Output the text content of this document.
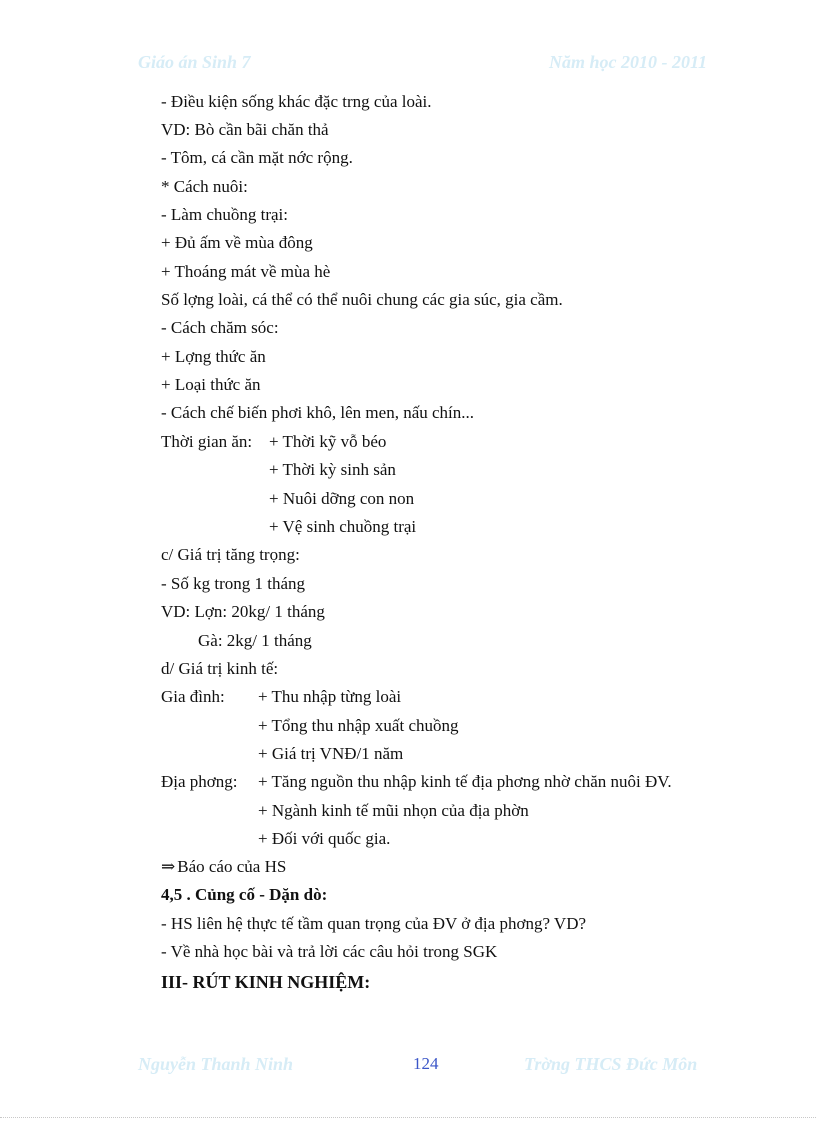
Giáo án Sinh 7	Năm học 2010 - 2011
- Điều kiện sống khác đặc trng của loài.
VD: Bò cần bãi chăn thả
- Tôm, cá cần mặt nớc rộng.
* Cách nuôi:
- Làm chuồng trại:
+ Đủ ấm về mùa đông
+ Thoáng mát về mùa hè
Số lợng loài, cá thể có thể nuôi chung các gia súc, gia cầm.
- Cách chăm sóc:
+ Lợng thức ăn
+ Loại thức ăn
- Cách chế biến phơi khô, lên men, nấu chín...
Thời gian ăn: + Thời kỹ vỗ béo
+ Thời kỳ sinh sản
+ Nuôi dỡng con non
+ Vệ sinh chuồng trại
c/ Giá trị tăng trọng:
- Số kg trong 1 tháng
VD: Lợn: 20kg/ 1 tháng
Gà: 2kg/ 1 tháng
d/ Giá trị kinh tế:
Gia đình: + Thu nhập từng loài
+ Tổng thu nhập xuất chuồng
+ Giá trị VNĐ/1 năm
Địa phơng: + Tăng nguồn thu nhập kinh tế địa phơng nhờ chăn nuôi ĐV.
+ Ngành kinh tế mũi nhọn của địa phờn
+ Đối với quốc gia.
⇒ Báo cáo của HS
4,5 . Củng cố - Dặn dò:
- HS liên hệ thực tế tầm quan trọng của ĐV ở địa phơng? VD?
- Về nhà học bài và trả lời các câu hỏi trong SGK
III- RÚT KINH NGHIỆM:
Nguyễn Thanh Ninh	124	Trờng THCS Đức Môn
